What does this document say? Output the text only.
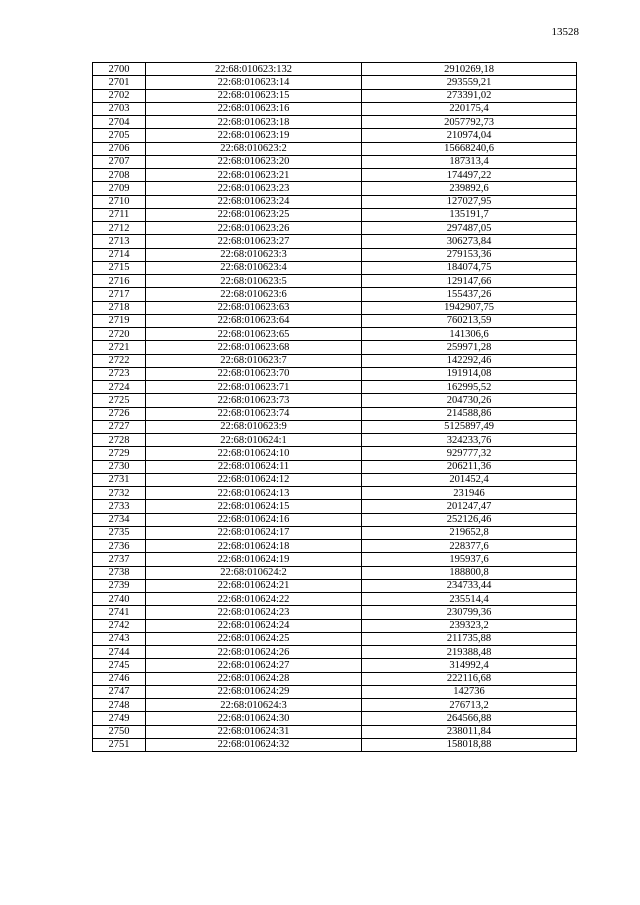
13528
2700	22:68:010623:132	2910269,18
2701	22:68:010623:14	293559,21
2702	22:68:010623:15	273391,02
2703	22:68:010623:16	220175,4
2704	22:68:010623:18	2057792,73
2705	22:68:010623:19	210974,04
2706	22:68:010623:2	15668240,6
2707	22:68:010623:20	187313,4
2708	22:68:010623:21	174497,22
2709	22:68:010623:23	239892,6
2710	22:68:010623:24	127027,95
2711	22:68:010623:25	135191,7
2712	22:68:010623:26	297487,05
2713	22:68:010623:27	306273,84
2714	22:68:010623:3	279153,36
2715	22:68:010623:4	184074,75
2716	22:68:010623:5	129147,66
2717	22:68:010623:6	155437,26
2718	22:68:010623:63	1942907,75
2719	22:68:010623:64	760213,59
2720	22:68:010623:65	141306,6
2721	22:68:010623:68	259971,28
2722	22:68:010623:7	142292,46
2723	22:68:010623:70	191914,08
2724	22:68:010623:71	162995,52
2725	22:68:010623:73	204730,26
2726	22:68:010623:74	214588,86
2727	22:68:010623:9	5125897,49
2728	22:68:010624:1	324233,76
2729	22:68:010624:10	929777,32
2730	22:68:010624:11	206211,36
2731	22:68:010624:12	201452,4
2732	22:68:010624:13	231946
2733	22:68:010624:15	201247,47
2734	22:68:010624:16	252126,46
2735	22:68:010624:17	219652,8
2736	22:68:010624:18	228377,6
2737	22:68:010624:19	195937,6
2738	22:68:010624:2	188800,8
2739	22:68:010624:21	234733,44
2740	22:68:010624:22	235514,4
2741	22:68:010624:23	230799,36
2742	22:68:010624:24	239323,2
2743	22:68:010624:25	211735,88
2744	22:68:010624:26	219388,48
2745	22:68:010624:27	314992,4
2746	22:68:010624:28	222116,68
2747	22:68:010624:29	142736
2748	22:68:010624:3	276713,2
2749	22:68:010624:30	264566,88
2750	22:68:010624:31	238011,84
2751	22:68:010624:32	158018,88
